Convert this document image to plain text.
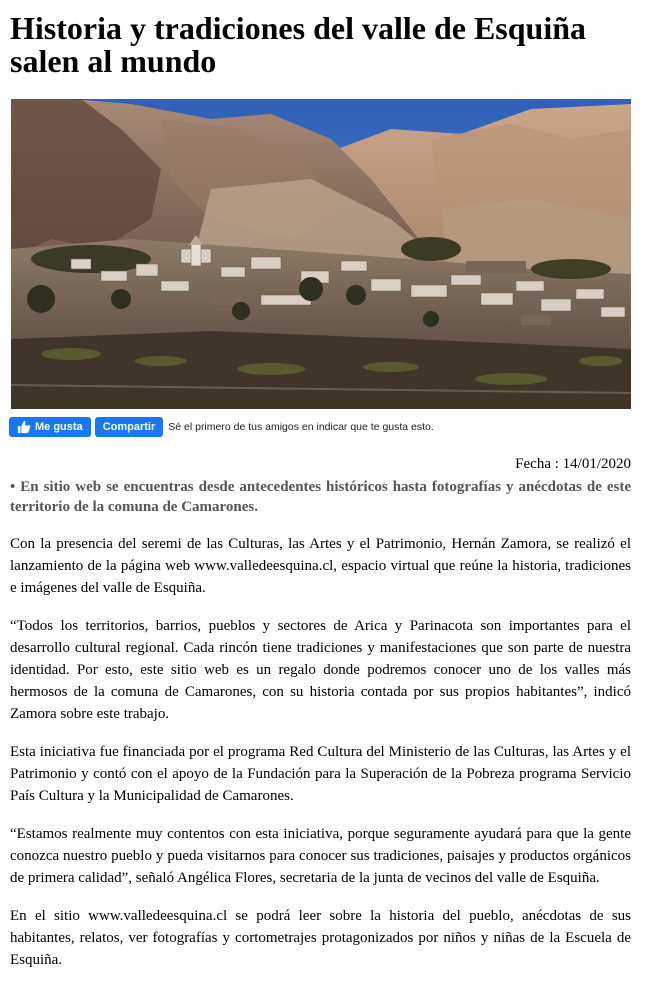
Historia y tradiciones del valle de Esquiña salen al mundo
Me gusta Compartir Sé el primero de tus amigos en indicar que te gusta esto.
Fecha : 14/01/2020
• En sitio web se encuentras desde antecedentes históricos hasta fotografías y anécdotas de este territorio de la comuna de Camarones.

Con la presencia del seremi de las Culturas, las Artes y el Patrimonio, Hernán Zamora, se realizó el lanzamiento de la página web www.valledeesquina.cl, espacio virtual que reúne la historia, tradiciones e imágenes del valle de Esquiña.

“Todos los territorios, barrios, pueblos y sectores de Arica y Parinacota son importantes para el desarrollo cultural regional. Cada rincón tiene tradiciones y manifestaciones que son parte de nuestra identidad. Por esto, este sitio web es un regalo donde podremos conocer uno de los valles más hermosos de la comuna de Camarones, con su historia contada por sus propios habitantes”, indicó Zamora sobre este trabajo.

Esta iniciativa fue financiada por el programa Red Cultura del Ministerio de las Culturas, las Artes y el Patrimonio y contó con el apoyo de la Fundación para la Superación de la Pobreza programa Servicio País Cultura y la Municipalidad de Camarones.

“Estamos realmente muy contentos con esta iniciativa, porque seguramente ayudará para que la gente conozca nuestro pueblo y pueda visitarnos para conocer sus tradiciones, paisajes y productos orgánicos de primera calidad”, señaló Angélica Flores, secretaria de la junta de vecinos del valle de Esquiña.

En el sitio www.valledeesquina.cl se podrá leer sobre la historia del pueblo, anécdotas de sus habitantes, relatos, ver fotografías y cortometrajes protagonizados por niños y niñas de la Escuela de Esquiña.
